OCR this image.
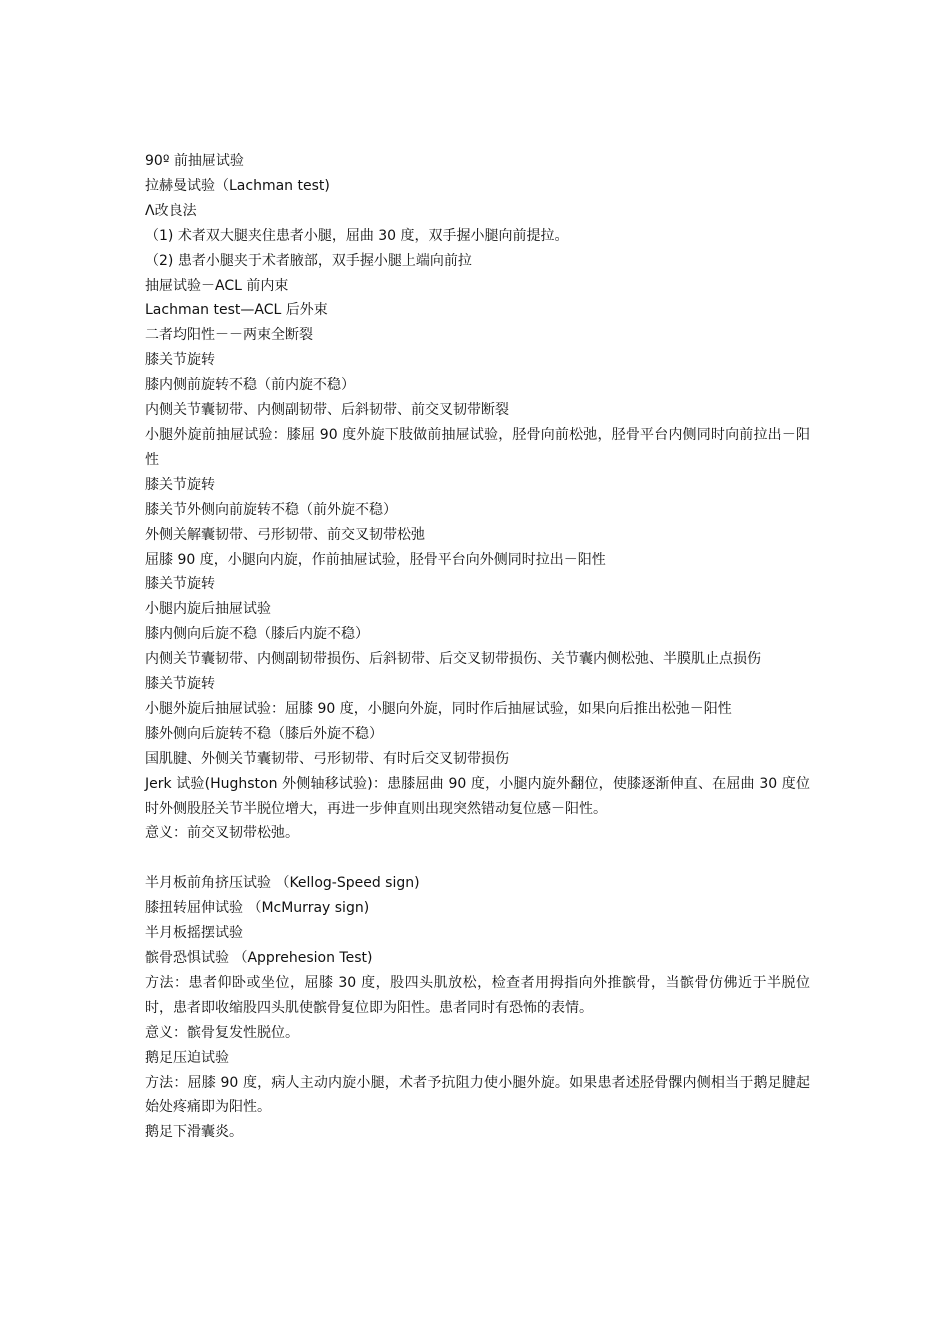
90º 前抽屉试验

拉赫曼试验（Lachman test)

Λ改良法

（1) 术者双大腿夹住患者小腿，屈曲 30 度，双手握小腿向前提拉。

（2) 患者小腿夹于术者腋部，双手握小腿上端向前拉

抽屉试验－ACL 前内束

Lachman test—ACL 后外束

二者均阳性－－两束全断裂

膝关节旋转

膝内侧前旋转不稳（前内旋不稳）

内侧关节囊韧带、内侧副韧带、后斜韧带、前交叉韧带断裂

小腿外旋前抽屉试验：膝屈 90 度外旋下肢做前抽屉试验，胫骨向前松弛，胫骨平台内侧同时向前拉出－阳性

膝关节旋转

膝关节外侧向前旋转不稳（前外旋不稳）

外侧关解囊韧带、弓形韧带、前交叉韧带松弛

屈膝 90 度，小腿向内旋，作前抽屉试验，胫骨平台向外侧同时拉出－阳性

膝关节旋转

小腿内旋后抽屉试验

膝内侧向后旋不稳（膝后内旋不稳）

内侧关节囊韧带、内侧副韧带损伤、后斜韧带、后交叉韧带损伤、关节囊内侧松弛、半膜肌止点损伤

膝关节旋转

小腿外旋后抽屉试验：屈膝 90 度，小腿向外旋，同时作后抽屉试验，如果向后推出松弛－阳性

膝外侧向后旋转不稳（膝后外旋不稳）

国肌腱、外侧关节囊韧带、弓形韧带、有时后交叉韧带损伤

Jerk 试验(Hughston 外侧轴移试验)：患膝屈曲 90 度，小腿内旋外翻位，使膝逐渐伸直、在屈曲 30 度位时外侧股胫关节半脱位增大，再进一步伸直则出现突然错动复位感－阳性。

意义：前交叉韧带松弛。

半月板前角挤压试验 （Kellog-Speed sign)

膝扭转屈伸试验 （McMurray sign)

半月板摇摆试验

髌骨恐惧试验 （Apprehesion Test)

方法：患者仰卧或坐位，屈膝 30 度，股四头肌放松，检查者用拇指向外推髌骨，当髌骨仿佛近于半脱位时，患者即收缩股四头肌使髌骨复位即为阳性。患者同时有恐怖的表情。

意义：髌骨复发性脱位。

鹅足压迫试验

方法：屈膝 90 度，病人主动内旋小腿，术者予抗阻力使小腿外旋。如果患者述胫骨髁内侧相当于鹅足腱起始处疼痛即为阳性。

鹅足下滑囊炎。
